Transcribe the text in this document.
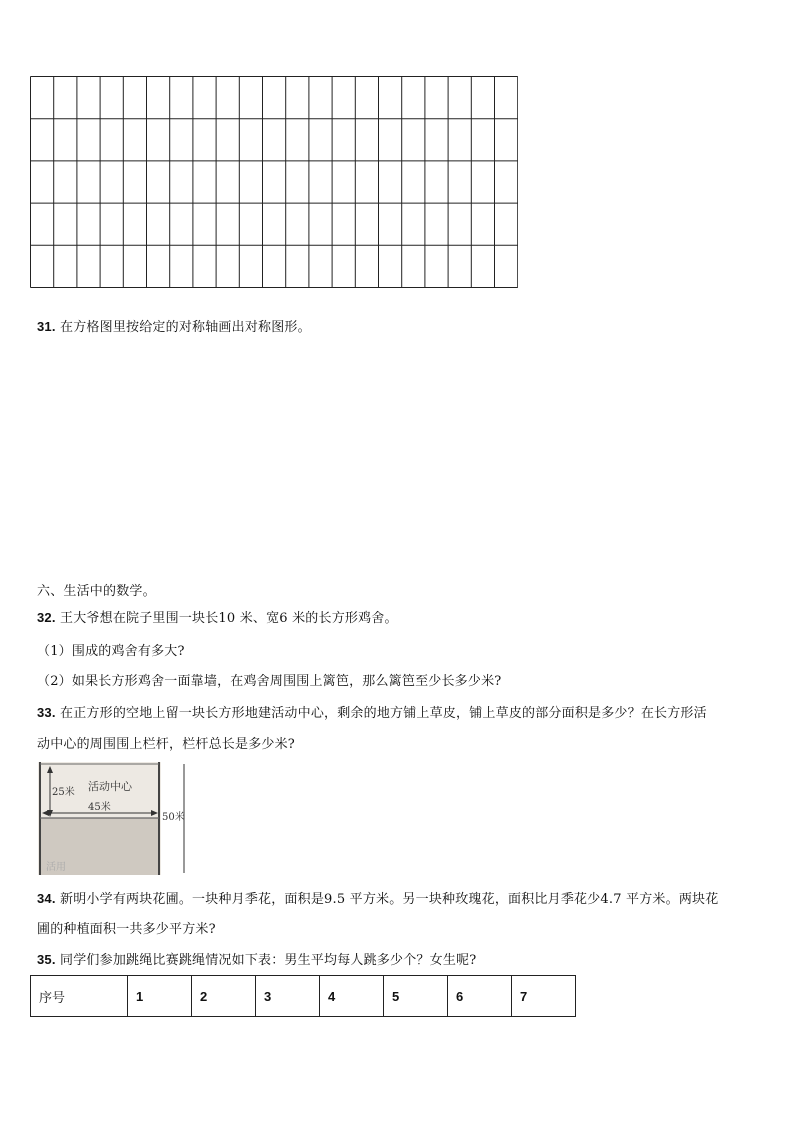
31. 在方格图里按给定的对称轴画出对称图形。
六、生活中的数学。
32. 王大爷想在院子里围一块长10 米、宽6 米的长方形鸡舍。
（1）围成的鸡舍有多大?
（2）如果长方形鸡舍一面靠墙，在鸡舍周围围上篱笆，那么篱笆至少长多少米?
33. 在正方形的空地上留一块长方形地建活动中心，剩余的地方铺上草皮，铺上草皮的部分面积是多少？在长方形活
动中心的周围围上栏杆，栏杆总长是多少米?
25米 活动中心
45米
50米
活用
34. 新明小学有两块花圃。一块种月季花，面积是9.5 平方米。另一块种玫瑰花，面积比月季花少4.7 平方米。两块花
圃的种植面积一共多少平方米?
35. 同学们参加跳绳比赛跳绳情况如下表：男生平均每人跳多少个？女生呢?
序号	1	2	3	4	5	6	7
